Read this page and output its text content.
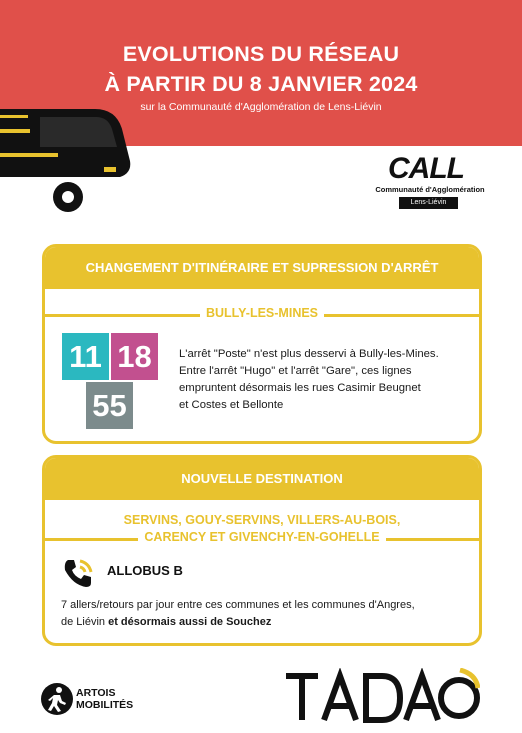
EVOLUTIONS DU RÉSEAU
À PARTIR DU 8 JANVIER 2024
sur la Communauté d'Agglomération de Lens-Liévin
CALL
Communauté d'Agglomération
Lens-Liévin
CHANGEMENT D'ITINÉRAIRE ET SUPRESSION D'ARRÊT
BULLY-LES-MINES
11 18
55
L'arrêt "Poste" n'est plus desservi à Bully-les-Mines.
Entre l'arrêt "Hugo" et l'arrêt "Gare", ces lignes
empruntent désormais les rues Casimir Beugnet
et Costes et Bellonte
NOUVELLE DESTINATION
SERVINS, GOUY-SERVINS, VILLERS-AU-BOIS,
CARENCY ET GIVENCHY-EN-GOHELLE
ALLOBUS B
7 allers/retours par jour entre ces communes et les communes d'Angres,
de Liévin et désormais aussi de Souchez
ARTOIS
MOBILITÉS
TADAO
